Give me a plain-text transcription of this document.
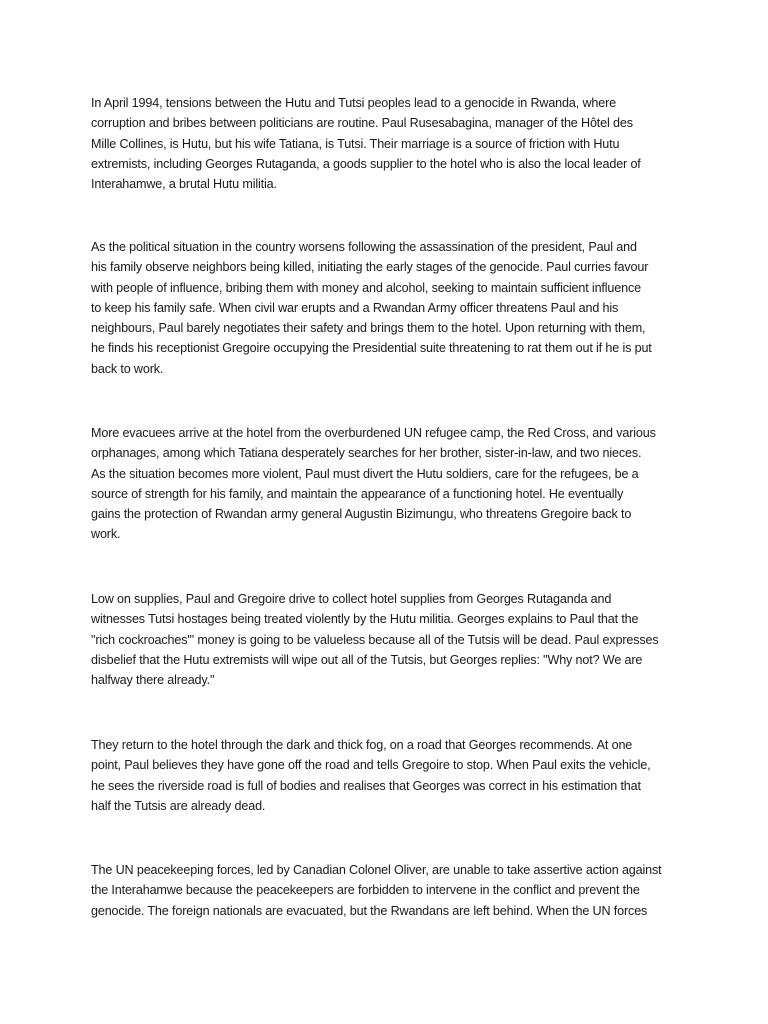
In April 1994, tensions between the Hutu and Tutsi peoples lead to a genocide in Rwanda, where
corruption and bribes between politicians are routine. Paul Rusesabagina, manager of the Hôtel des
Mille Collines, is Hutu, but his wife Tatiana, is Tutsi. Their marriage is a source of friction with Hutu
extremists, including Georges Rutaganda, a goods supplier to the hotel who is also the local leader of
Interahamwe, a brutal Hutu militia.
As the political situation in the country worsens following the assassination of the president, Paul and
his family observe neighbors being killed, initiating the early stages of the genocide. Paul curries favour
with people of influence, bribing them with money and alcohol, seeking to maintain sufficient influence
to keep his family safe. When civil war erupts and a Rwandan Army officer threatens Paul and his
neighbours, Paul barely negotiates their safety and brings them to the hotel. Upon returning with them,
he finds his receptionist Gregoire occupying the Presidential suite threatening to rat them out if he is put
back to work.
More evacuees arrive at the hotel from the overburdened UN refugee camp, the Red Cross, and various
orphanages, among which Tatiana desperately searches for her brother, sister-in-law, and two nieces.
As the situation becomes more violent, Paul must divert the Hutu soldiers, care for the refugees, be a
source of strength for his family, and maintain the appearance of a functioning hotel. He eventually
gains the protection of Rwandan army general Augustin Bizimungu, who threatens Gregoire back to
work.
Low on supplies, Paul and Gregoire drive to collect hotel supplies from Georges Rutaganda and
witnesses Tutsi hostages being treated violently by the Hutu militia. Georges explains to Paul that the
"rich cockroaches'" money is going to be valueless because all of the Tutsis will be dead. Paul expresses
disbelief that the Hutu extremists will wipe out all of the Tutsis, but Georges replies: "Why not? We are
halfway there already."
They return to the hotel through the dark and thick fog, on a road that Georges recommends. At one
point, Paul believes they have gone off the road and tells Gregoire to stop. When Paul exits the vehicle,
he sees the riverside road is full of bodies and realises that Georges was correct in his estimation that
half the Tutsis are already dead.
The UN peacekeeping forces, led by Canadian Colonel Oliver, are unable to take assertive action against
the Interahamwe because the peacekeepers are forbidden to intervene in the conflict and prevent the
genocide. The foreign nationals are evacuated, but the Rwandans are left behind. When the UN forces
